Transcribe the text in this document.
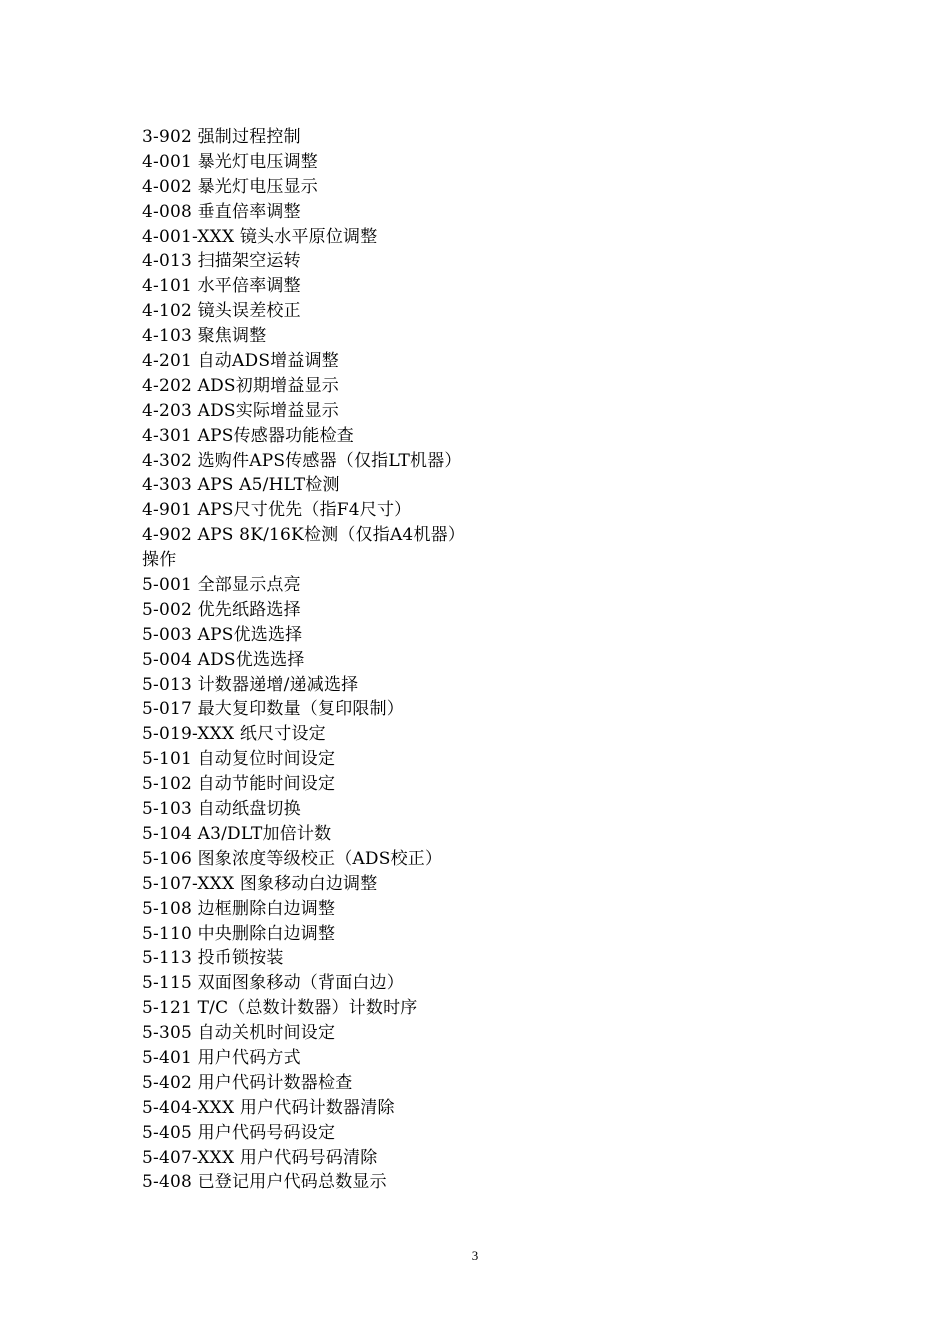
3-902 强制过程控制
4-001 暴光灯电压调整
4-002 暴光灯电压显示
4-008 垂直倍率调整
4-001-XXX 镜头水平原位调整
4-013 扫描架空运转
4-101 水平倍率调整
4-102 镜头误差校正
4-103 聚焦调整
4-201 自动ADS增益调整
4-202 ADS初期增益显示
4-203 ADS实际增益显示
4-301 APS传感器功能检查
4-302 选购件APS传感器（仅指LT机器）
4-303 APS A5/HLT检测
4-901 APS尺寸优先（指F4尺寸）
4-902 APS 8K/16K检测（仅指A4机器）
操作
5-001 全部显示点亮
5-002 优先纸路选择
5-003 APS优选选择
5-004 ADS优选选择
5-013 计数器递增/递减选择
5-017 最大复印数量（复印限制）
5-019-XXX 纸尺寸设定
5-101 自动复位时间设定
5-102 自动节能时间设定
5-103 自动纸盘切换
5-104 A3/DLT加倍计数
5-106 图象浓度等级校正（ADS校正）
5-107-XXX 图象移动白边调整
5-108 边框删除白边调整
5-110 中央删除白边调整
5-113 投币锁按装
5-115 双面图象移动（背面白边）
5-121 T/C（总数计数器）计数时序
5-305 自动关机时间设定
5-401 用户代码方式
5-402 用户代码计数器检查
5-404-XXX 用户代码计数器清除
5-405 用户代码号码设定
5-407-XXX 用户代码号码清除
5-408 已登记用户代码总数显示
3
